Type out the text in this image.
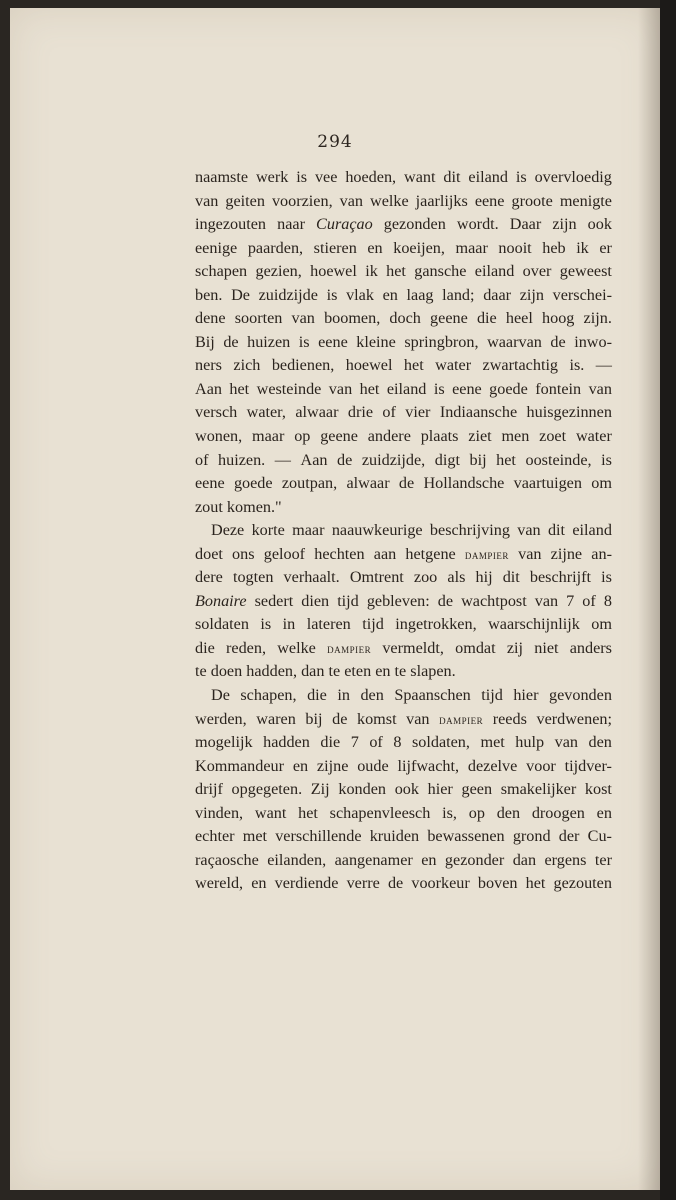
294
naamste werk is vee hoeden, want dit eiland is overvloedig
van geiten voorzien, van welke jaarlijks eene groote menigte
ingezouten naar Curaçao gezonden wordt. Daar zijn ook
eenige paarden, stieren en koeijen, maar nooit heb ik er
schapen gezien, hoewel ik het gansche eiland over geweest
ben. De zuidzijde is vlak en laag land; daar zijn verschei-
dene soorten van boomen, doch geene die heel hoog zijn.
Bij de huizen is eene kleine springbron, waarvan de inwo-
ners zich bedienen, hoewel het water zwartachtig is. —
Aan het westeinde van het eiland is eene goede fontein van
versch water, alwaar drie of vier Indiaansche huisgezinnen
wonen, maar op geene andere plaats ziet men zoet water
of huizen. — Aan de zuidzijde, digt bij het oosteinde, is
eene goede zoutpan, alwaar de Hollandsche vaartuigen om
zout komen."
Deze korte maar naauwkeurige beschrijving van dit eiland
doet ons geloof hechten aan hetgene dampier van zijne an-
dere togten verhaalt. Omtrent zoo als hij dit beschrijft is
Bonaire sedert dien tijd gebleven: de wachtpost van 7 of 8
soldaten is in lateren tijd ingetrokken, waarschijnlijk om
die reden, welke dampier vermeldt, omdat zij niet anders
te doen hadden, dan te eten en te slapen.
De schapen, die in den Spaanschen tijd hier gevonden
werden, waren bij de komst van dampier reeds verdwenen;
mogelijk hadden die 7 of 8 soldaten, met hulp van den
Kommandeur en zijne oude lijfwacht, dezelve voor tijdver-
drijf opgegeten. Zij konden ook hier geen smakelijker kost
vinden, want het schapenvleesch is, op den droogen en
echter met verschillende kruiden bewassenen grond der Cu-
raçaosche eilanden, aangenamer en gezonder dan ergens ter
wereld, en verdiende verre de voorkeur boven het gezouten
